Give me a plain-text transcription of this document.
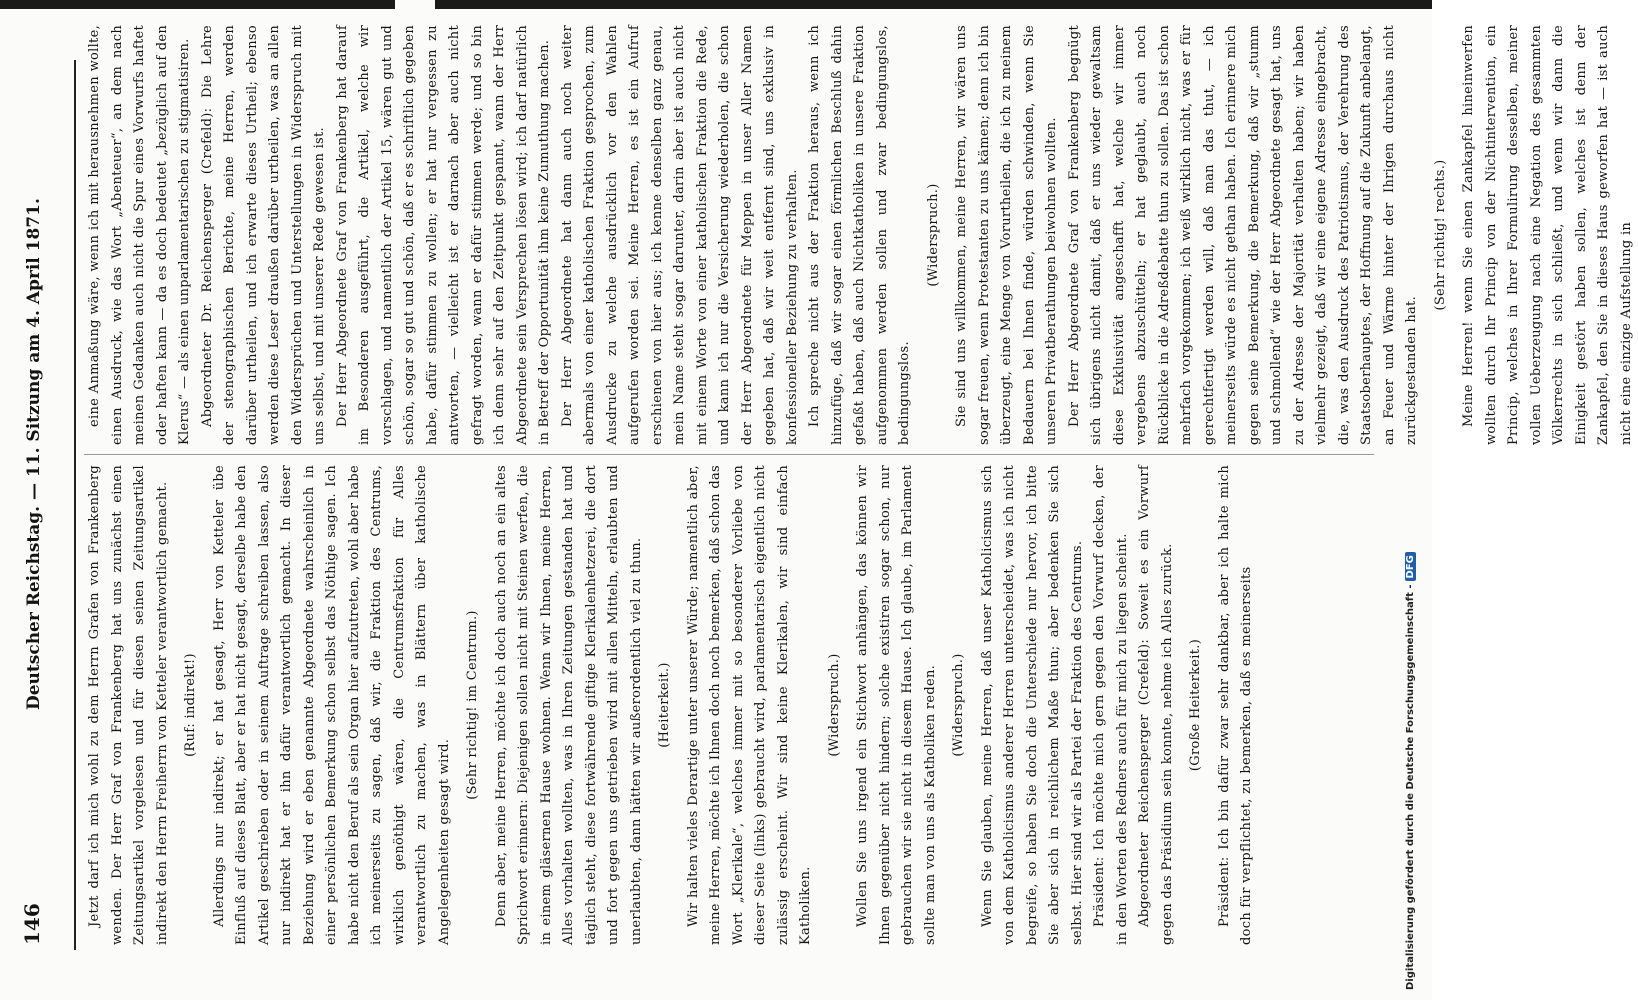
146
Deutscher Reichstag. — 11. Sitzung am 4. April 1871.	Jetzt darf ich mich wohl zu dem Herrn Grafen von Frankenberg wenden. Der Herr Graf von Frankenberg hat uns zunächst einen Zeitungsartikel vorgelesen und für diesen seinen Zeitungsartikel indirekt den Herrn Freiherrn von Ketteler verantwortlich gemacht.	(Ruf: indirekt!)	Allerdings nur indirekt; er hat gesagt, Herr von Ketteler übe Einfluß auf dieses Blatt, aber er hat nicht gesagt, derselbe habe den Artikel geschrieben oder in seinem Auftrage schreiben lassen, also nur indirekt hat er ihn dafür verantwortlich gemacht. In dieser Beziehung wird er eben genannte Abgeordnete wahrscheinlich in einer persönlichen Bemerkung schon selbst das Nöthige sagen. Ich habe nicht den Beruf als sein Organ hier aufzutreten, wohl aber habe ich meinerseits zu sagen, daß wir, die Fraktion des Centrums, wirklich genöthigt wären, die Centrumsfraktion für Alles verantwortlich zu machen, was in Blättern über katholische Angelegenheiten gesagt wird.

(Sehr richtig! im Centrum.)	Denn aber, meine Herren, möchte ich doch auch noch an ein altes Sprichwort erinnern: Diejenigen sollen nicht mit Steinen werfen, die in einem gläsernen Hause wohnen. Wenn wir Ihnen, meine Herren, Alles vorhalten wollten, was in Ihren Zeitungen gestanden hat und täglich steht, diese fortwährende giftige Klerikalenhetzerei, die dort und fort gegen uns getrieben wird mit allen Mitteln, erlaubten und unerlaubten, dann hätten wir außerordentlich viel zu thun.	(Heiterkeit.)	Wir halten vieles Derartige unter unserer Würde; namentlich aber, meine Herren, möchte ich Ihnen doch noch bemerken, daß schon das Wort „Klerikale“, welches immer mit so besonderer Vorliebe von dieser Seite (links) gebraucht wird, parlamentarisch eigentlich nicht zulässig erscheint. Wir sind keine Klerikalen, wir sind einfach Katholiken.

(Widerspruch.)	Wollen Sie uns irgend ein Stichwort anhängen, das können wir Ihnen gegenüber nicht hindern; solche existiren sogar schon, nur gebrauchen wir sie nicht in diesem Hause. Ich glaube, im Parlament sollte man von uns als Katholiken reden.	(Widerspruch.)	Wenn Sie glauben, meine Herren, daß unser Katholicismus sich von dem Katholicismus anderer Herren unterscheidet, was ich nicht begreife, so haben Sie doch die Unterschiede nur hervor, ich bitte Sie aber sich in reichlichem Maße thun; aber bedenken Sie sich selbst. Hier sind wir als Partei der Fraktion des Centrums. Präsident: Ich möchte mich gern gegen den Vorwurf decken, der in den Worten des Redners auch für mich zu liegen scheint. Abgeordneter Reichensperger (Crefeld): Soweit es ein Vorwurf gegen das Präsidium sein konnte, nehme ich Alles zurück.	(Große Heiterkeit.)	Präsident: Ich bin dafür zwar sehr dankbar, aber ich halte mich doch für verpflichtet, zu bemerken, daß es meinerseits

eine Anmaßung wäre, wenn ich mit herausnehmen wollte, einen Ausdruck, wie das Wort „Abenteuer“, an dem nach meinen Gedanken auch nicht die Spur eines Vorwurfs haftet oder haften kann — da es doch bedeutet „bezüglich auf den Klerus“ — als einen unparlamentarischen zu stigmatisiren. Abgeordneter Dr. Reichensperger (Crefeld): Die Lehre der stenographischen Berichte, meine Herren, werden darüber urtheilen, und ich erwarte dieses Urtheil; ebenso werden diese Leser draußen darüber urtheilen, was an allen den Widersprüchen und Unterstellungen in Widerspruch mit uns selbst, und mit unserer Rede gewesen ist. Der Herr Abgeordnete Graf von Frankenberg hat darauf im Besonderen ausgeführt, die Artikel, welche wir vorschlagen, und namentlich der Artikel 15, wären gut und schön, sogar so gut und schön, daß er es schriftlich gegeben habe, dafür stimmen zu wollen; er hat nur vergessen zu antworten, — vielleicht ist er darnach aber auch nicht gefragt worden, wann er dafür stimmen werde; und so bin ich denn sehr auf den Zeitpunkt gespannt, wann der Herr Abgeordnete sein Versprechen lösen wird; ich darf natürlich in Betreff der Opportunität ihm keine Zumuthung machen. Der Herr Abgeordnete hat dann auch noch weiter abermals von einer katholischen Fraktion gesprochen, zum Ausdrucke zu welche ausdrücklich vor den Wahlen aufgerufen worden sei. Meine Herren, es ist ein Aufruf erschienen von hier aus; ich kenne denselben ganz genau, mein Name steht sogar darunter, darin aber ist auch nicht mit einem Worte von einer katholischen Fraktion die Rede, und kann ich nur die Versicherung wiederholen, die schon der Herr Abgeordnete für Meppen in unser Aller Namen gegeben hat, daß wir weit entfernt sind, uns exklusiv in konfessioneller Beziehung zu verhalten. Ich spreche nicht aus der Fraktion heraus, wenn ich hinzufüge, daß wir sogar einen förmlichen Beschluß dahin gefaßt haben, daß auch Nichtkatholiken in unsere Fraktion aufgenommen werden sollen und zwar bedingungslos, bedingungslos.

(Widerspruch.)	Sie sind uns willkommen, meine Herren, wir wären uns sogar freuen, wenn Protestanten zu uns kämen; denn ich bin überzeugt, eine Menge von Vorurtheilen, die ich zu meinem Bedauern bei Ihnen finde, würden schwinden, wenn Sie unseren Privatberathungen beiwohnen wollten. Der Herr Abgeordnete Graf von Frankenberg begnügt sich übrigens nicht damit, daß er uns wieder gewaltsam diese Exklusivität angeschafft hat, welche wir immer vergebens abzuschütteln; er hat geglaubt, auch noch Rückblicke in die Adreßdebatte thun zu sollen. Das ist schon mehrfach vorgekommen; ich weiß wirklich nicht, was er für gerechtfertigt werden will, daß man das thut, — ich meinerseits würde es nicht gethan haben. Ich erinnere mich gegen seine Bemerkung, die Bemerkung, daß wir „stumm und schmollend“ wie der Herr Abgeordnete gesagt hat, uns zu der Adresse der Majorität verhalten haben; wir haben vielmehr gezeigt, daß wir eine eigene Adresse eingebracht, die, was den Ausdruck des Patriotismus, der Verehrung des Staatsoberhauptes, der Hoffnung auf die Zukunft anbelangt, an Feuer und Wärme hinter der Ihrigen durchaus nicht zurückgestanden hat.

(Sehr richtig! rechts.)	Meine Herren! wenn Sie einen Zankapfel hineinwerfen wollten durch Ihr Princip von der Nichtintervention, ein Princip, welches in Ihrer Formulirung desselben, meiner vollen Ueberzeugung nach eine Negation des gesammten Völkerrechts in sich schließt, und wenn wir dann die Einigkeit gestört haben sollen, welches ist denn der Zankapfel, den Sie in dieses Haus geworfen hat — ist auch nicht eine einzige Aufstellung in

Digitalisierung gefördert durch die Deutsche Forschungsgemeinschaft -DFG
